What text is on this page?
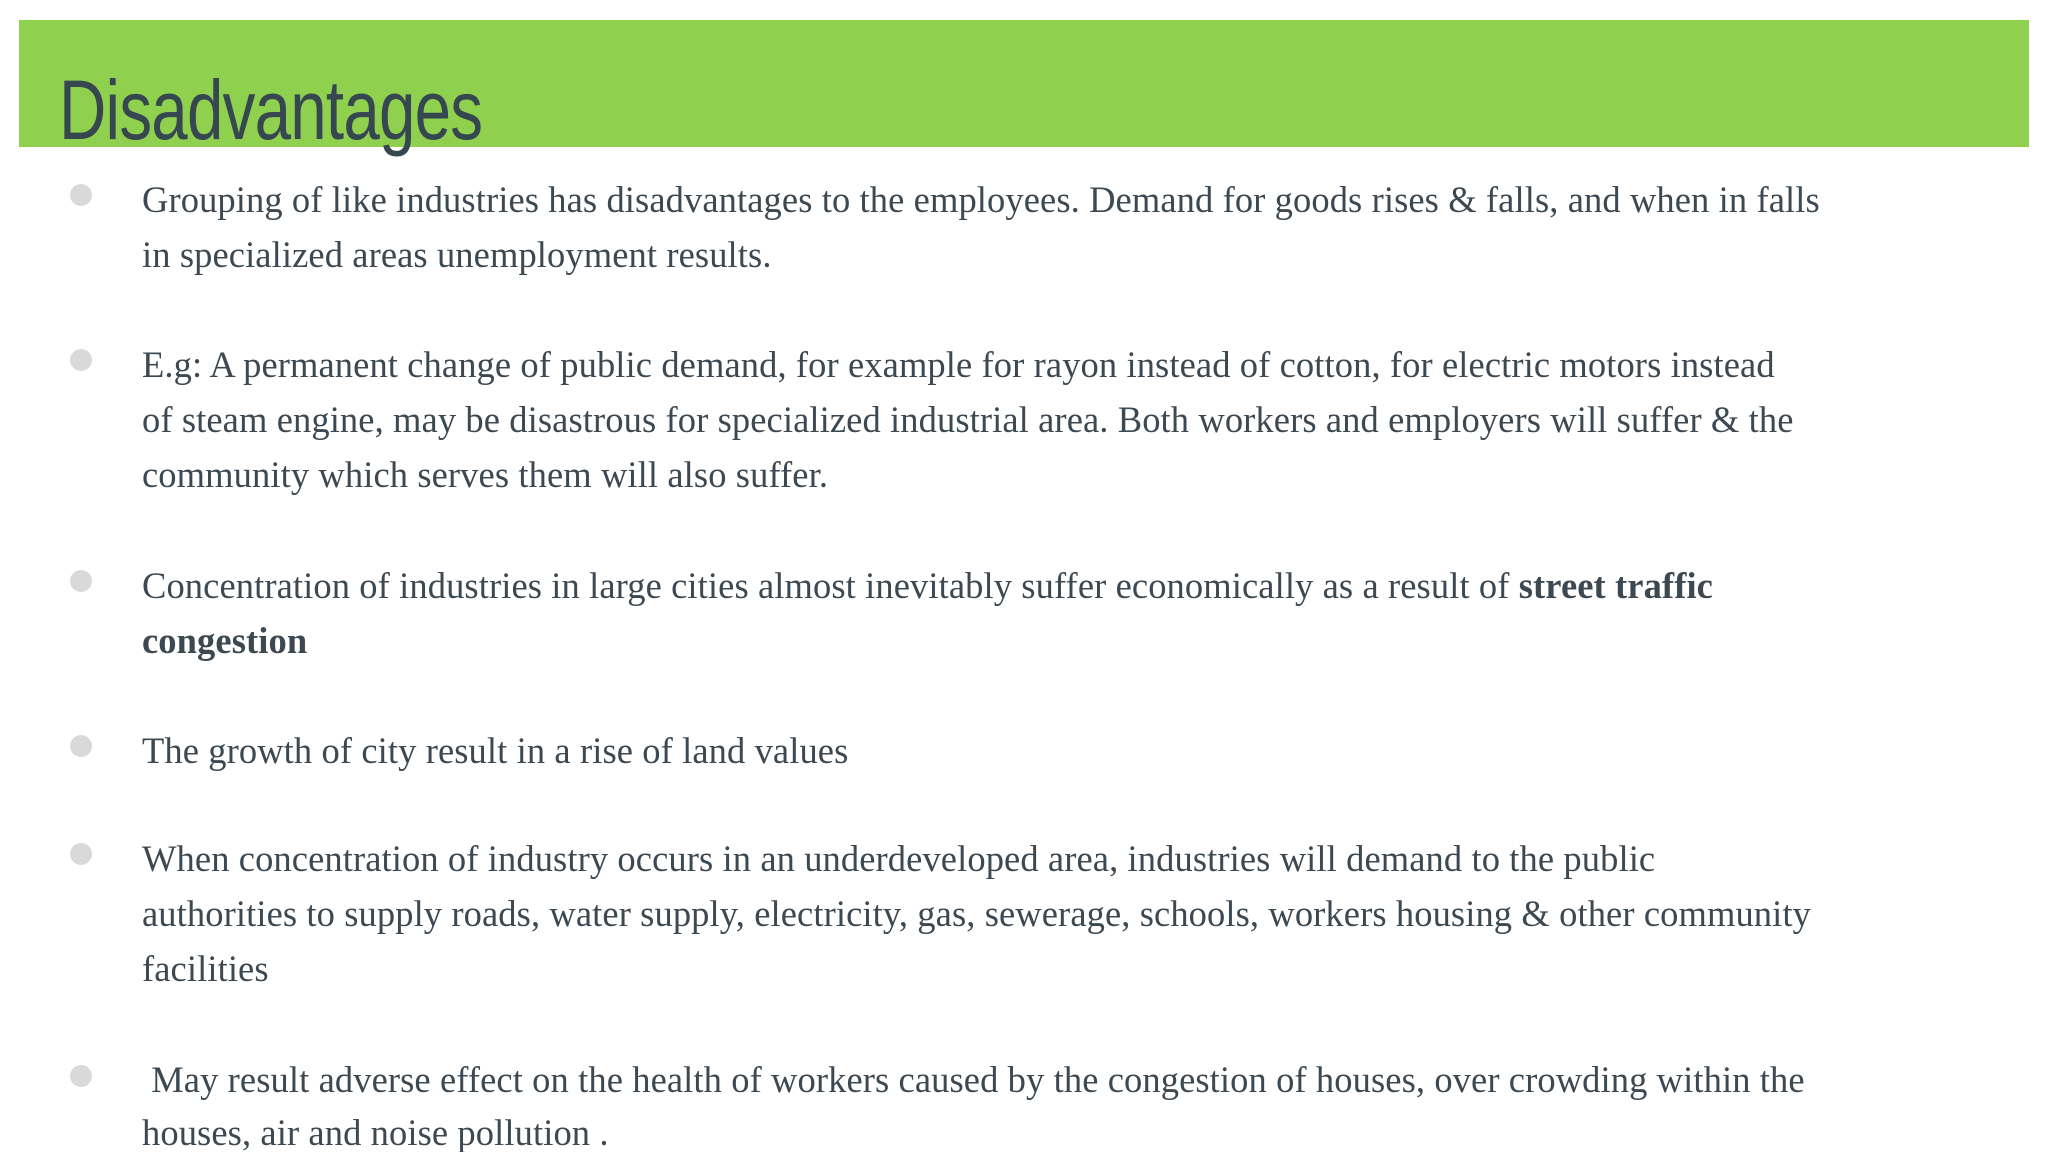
Disadvantages
Grouping of like industries has disadvantages to the employees. Demand for goods rises & falls, and when in falls
in specialized areas unemployment results.
E.g: A permanent change of public demand, for example for rayon instead of cotton, for electric motors instead
of steam engine, may be disastrous for specialized industrial area. Both workers and employers will suffer & the
community which serves them will also suffer.
Concentration of industries in large cities almost inevitably suffer economically as a result of street traffic
congestion
The growth of city result in a rise of land values
When concentration of industry occurs in an underdeveloped area, industries will demand to the public
authorities to supply roads, water supply, electricity, gas, sewerage, schools, workers housing & other community
facilities
May result adverse effect on the health of workers caused by the congestion of houses, over crowding within the
houses, air and noise pollution .
